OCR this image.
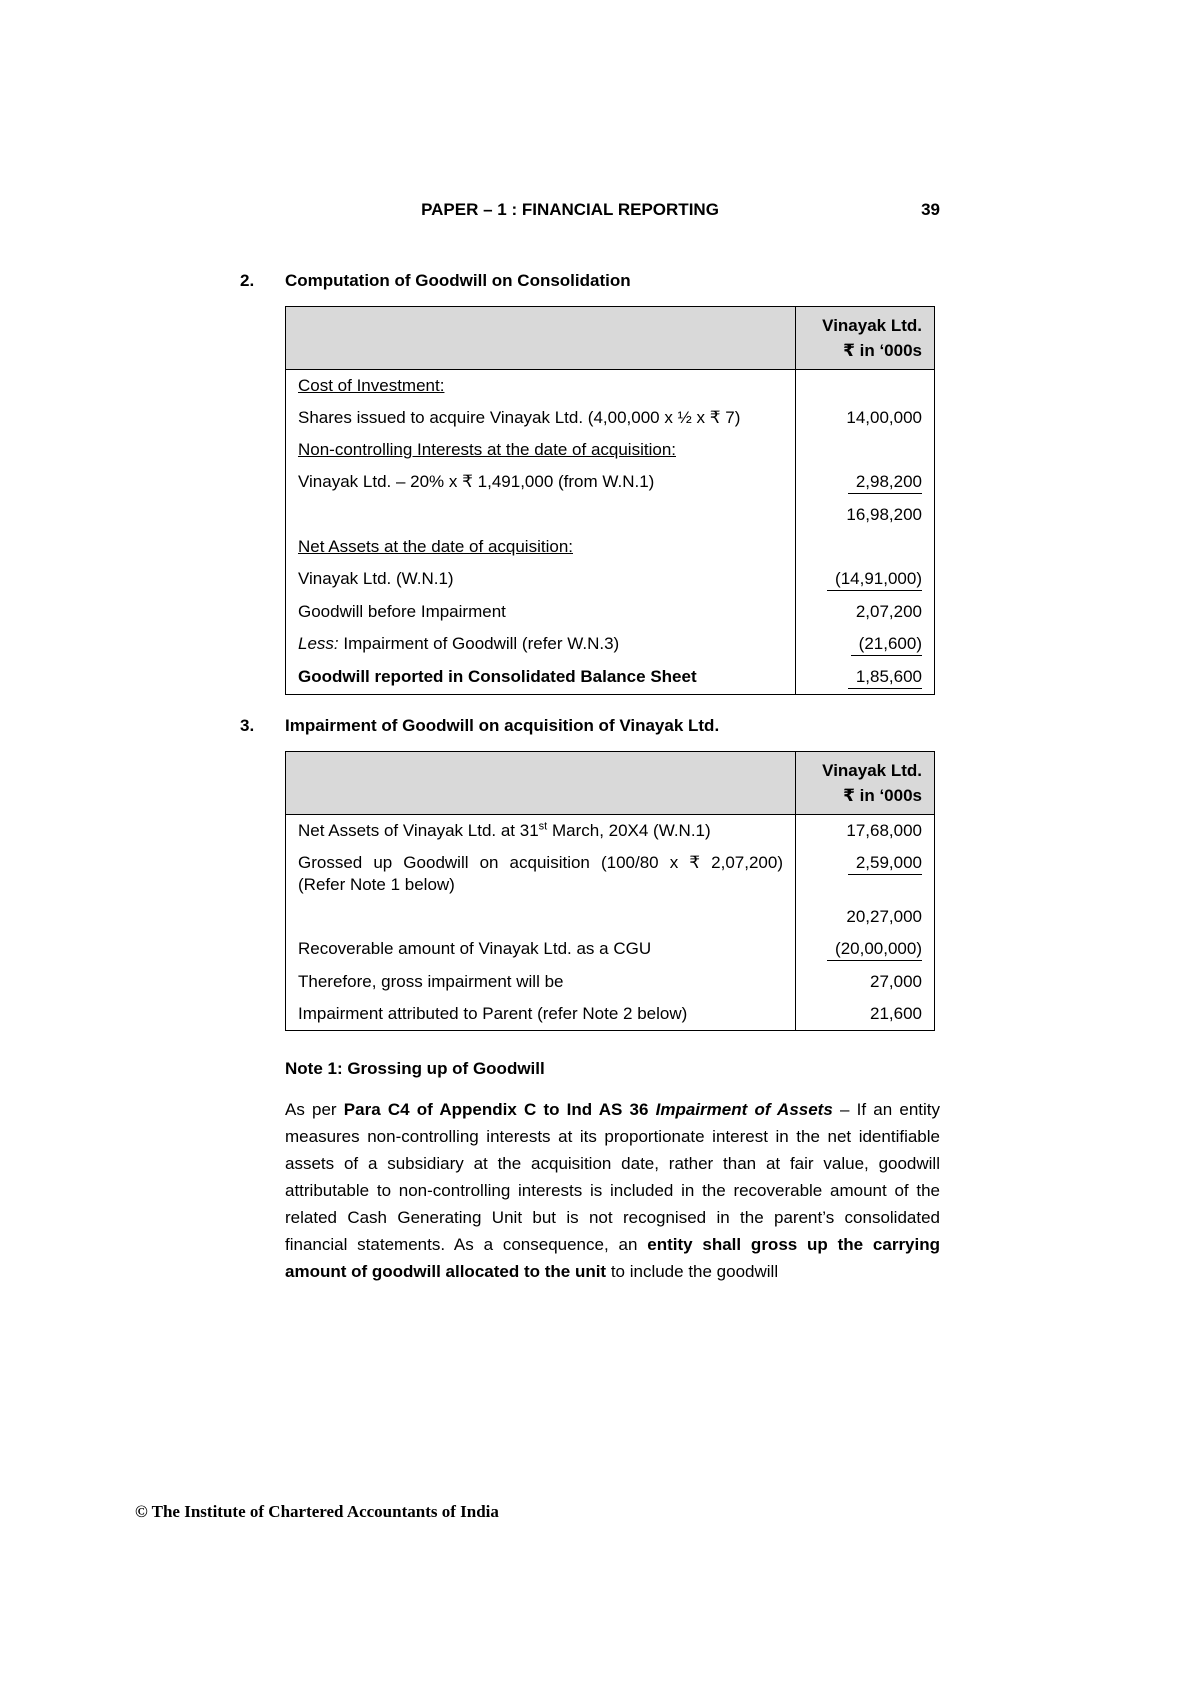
PAPER – 1 : FINANCIAL REPORTING	39
2.	Computation of Goodwill on Consolidation

	Vinayak Ltd.
₹ in ‘000s

Cost of Investment:	
Shares issued to acquire Vinayak Ltd. (4,00,000 x ½ x ₹ 7)	14,00,000
Non-controlling Interests at the date of acquisition:	
Vinayak Ltd. – 20% x ₹ 1,491,000 (from W.N.1)	2,98,200
	16,98,200
Net Assets at the date of acquisition:	
Vinayak Ltd. (W.N.1)	(14,91,000)
Goodwill before Impairment	2,07,200
Less: Impairment of Goodwill (refer W.N.3)	(21,600)
Goodwill reported in Consolidated Balance Sheet	1,85,600
3.	Impairment of Goodwill on acquisition of Vinayak Ltd.

	Vinayak Ltd.
₹ in ‘000s

Net Assets of Vinayak Ltd. at 31st March, 20X4 (W.N.1)	17,68,000
Grossed up Goodwill on acquisition (100/80 x ₹ 2,07,200) (Refer Note 1 below)	2,59,000
	20,27,000
Recoverable amount of Vinayak Ltd. as a CGU	(20,00,000)
Therefore, gross impairment will be	27,000
Impairment attributed to Parent (refer Note 2 below)	21,600
Note 1: Grossing up of Goodwill

As per Para C4 of Appendix C to Ind AS 36 Impairment of Assets – If an entity measures non-controlling interests at its proportionate interest in the net identifiable assets of a subsidiary at the acquisition date, rather than at fair value, goodwill attributable to non-controlling interests is included in the recoverable amount of the related Cash Generating Unit but is not recognised in the parent’s consolidated financial statements. As a consequence, an entity shall gross up the carrying amount of goodwill allocated to the unit to include the goodwill

© The Institute of Chartered Accountants of India
